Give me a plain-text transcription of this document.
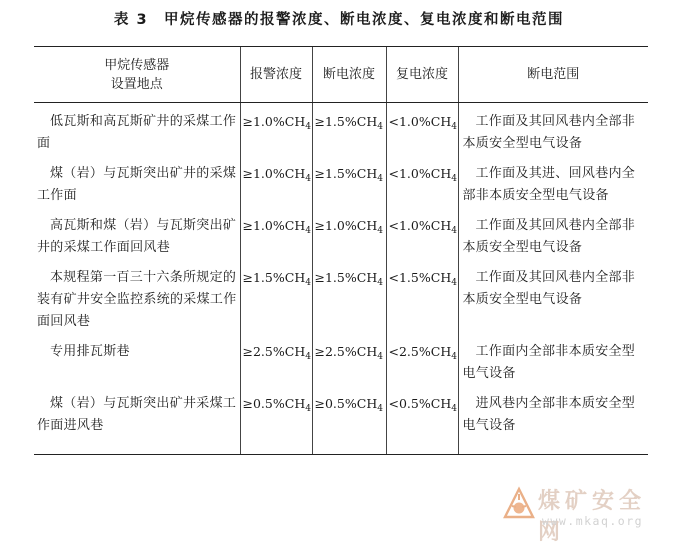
表 3　甲烷传感器的报警浓度、断电浓度、复电浓度和断电范围
甲烷传感器
设置地点	报警浓度	断电浓度	复电浓度	断电范围
低瓦斯和高瓦斯矿井的采煤工作面	$\ge 1.0\%CH_4$	$\ge 1.5\%CH_4$	$<1.0\%CH_4$	工作面及其回风巷内全部非本质安全型电气设备
煤（岩）与瓦斯突出矿井的采煤工作面	$\ge 1.0\%CH_4$	$\ge 1.5\%CH_4$	$<1.0\%CH_4$	工作面及其进、回风巷内全部非本质安全型电气设备
高瓦斯和煤（岩）与瓦斯突出矿井的采煤工作面回风巷	$\ge 1.0\%CH_4$	$\ge 1.0\%CH_4$	$<1.0\%CH_4$	工作面及其回风巷内全部非本质安全型电气设备
本规程第一百三十六条所规定的装有矿井安全监控系统的采煤工作面回风巷	$\ge 1.5\%CH_4$	$\ge 1.5\%CH_4$	$<1.5\%CH_4$	工作面及其回风巷内全部非本质安全型电气设备
专用排瓦斯巷	$\ge 2.5\%CH_4$	$\ge 2.5\%CH_4$	$<2.5\%CH_4$	工作面内全部非本质安全型电气设备
煤（岩）与瓦斯突出矿井采煤工作面进风巷	$\ge 0.5\%CH_4$	$\ge 0.5\%CH_4$	$<0.5\%CH_4$	进风巷内全部非本质安全型电气设备
煤矿安全网
www.mkaq.org
